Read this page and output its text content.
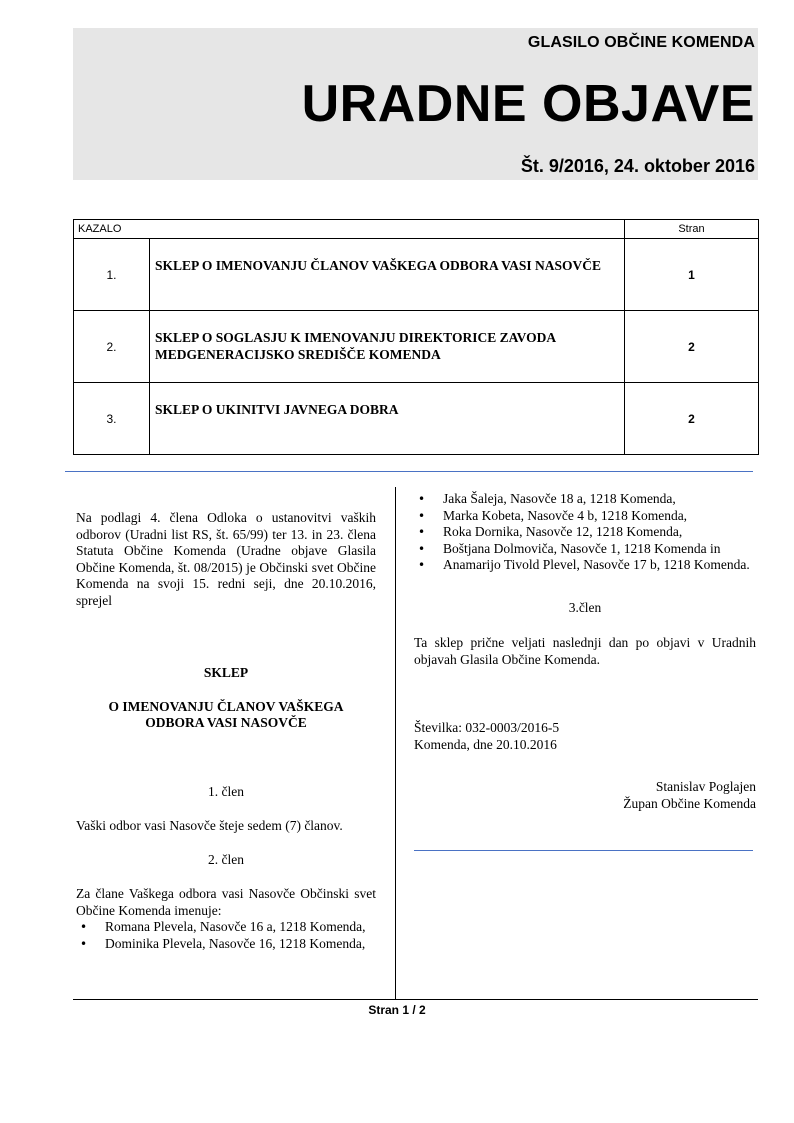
GLASILO OBČINE KOMENDA
URADNE OBJAVE
Št. 9/2016, 24. oktober 2016
KAZALO		Stran
1.	SKLEP O IMENOVANJU ČLANOV VAŠKEGA ODBORA VASI NASOVČE	1
2.	SKLEP O SOGLASJU K IMENOVANJU DIREKTORICE ZAVODA MEDGENERACIJSKO SREDIŠČE KOMENDA	2
3.	SKLEP O UKINITVI JAVNEGA DOBRA	2

Na podlagi 4. člena Odloka o ustanovitvi vaških odborov (Uradni list RS, št. 65/99) ter 13. in 23. člena Statuta Občine Komenda (Uradne objave Glasila Občine Komenda, št. 08/2015) je Občinski svet Občine Komenda na svoji 15. redni seji, dne 20.10.2016, sprejel

SKLEP

O IMENOVANJU ČLANOV VAŠKEGA ODBORA VASI NASOVČE

1. člen

Vaški odbor vasi Nasovče šteje sedem (7) članov.

2. člen

Za člane Vaškega odbora vasi Nasovče Občinski svet Občine Komenda imenuje:

• Romana Plevela, Nasovče 16 a, 1218 Komenda,
• Dominika Plevela, Nasovče 16, 1218 Komenda,
• Jaka Šaleja, Nasovče 18 a, 1218 Komenda,
• Marka Kobeta, Nasovče 4 b, 1218 Komenda,
• Roka Dornika, Nasovče 12, 1218 Komenda,
• Boštjana Dolmoviča, Nasovče 1, 1218 Komenda in
• Anamarijo Tivold Plevel, Nasovče 17 b, 1218 Komenda.

3.člen

Ta sklep prične veljati naslednji dan po objavi v Uradnih objavah Glasila Občine Komenda.

Številka: 032-0003/2016-5

Komenda, dne 20.10.2016

Stanislav Poglajen

Župan Občine Komenda

Stran 1 / 2
